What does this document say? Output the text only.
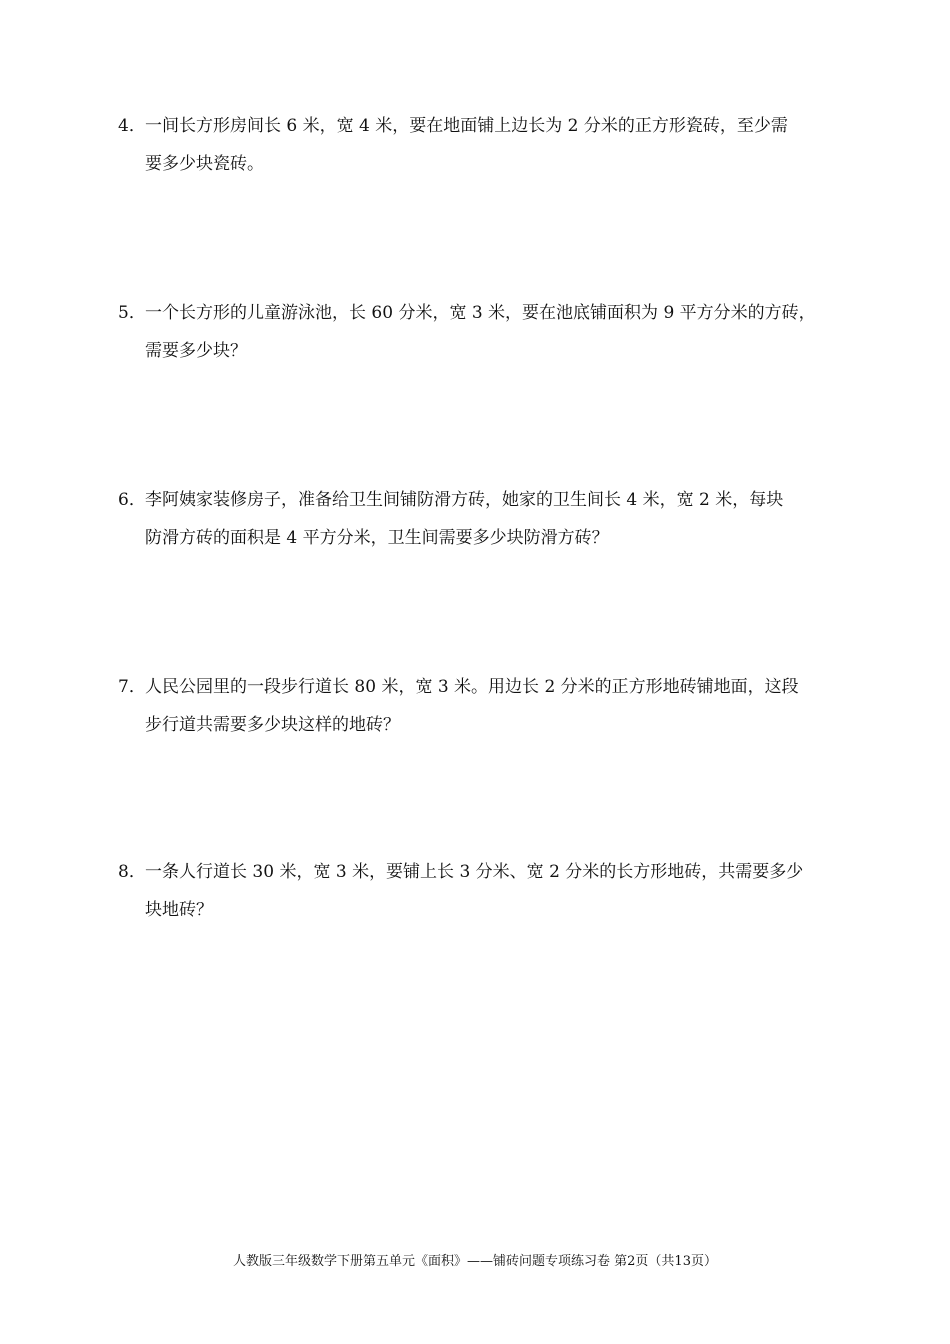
4．一间长方形房间长 6 米，宽 4 米，要在地面铺上边长为 2 分米的正方形瓷砖，至少需
要多少块瓷砖。
5．一个长方形的儿童游泳池，长 60 分米，宽 3 米，要在池底铺面积为 9 平方分米的方砖，
需要多少块？
6．李阿姨家装修房子，准备给卫生间铺防滑方砖，她家的卫生间长 4 米，宽 2 米，每块
防滑方砖的面积是 4 平方分米，卫生间需要多少块防滑方砖？
7．人民公园里的一段步行道长 80 米，宽 3 米。用边长 2 分米的正方形地砖铺地面，这段
步行道共需要多少块这样的地砖？
8．一条人行道长 30 米，宽 3 米，要铺上长 3 分米、宽 2 分米的长方形地砖，共需要多少
块地砖？
人教版三年级数学下册第五单元《面积》——铺砖问题专项练习卷 第2页（共13页）
